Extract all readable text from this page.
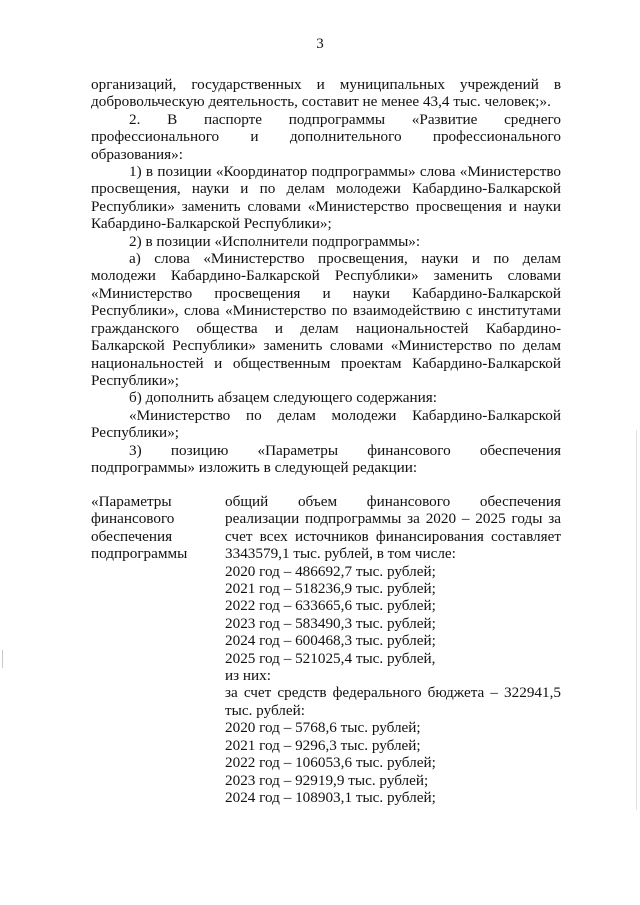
3

организаций, государственных и муниципальных учреждений в добровольческую деятельность, составит не менее 43,4 тыс. человек;».

2. В паспорте подпрограммы «Развитие среднего профессионального и дополнительного профессионального образования»:

1) в позиции «Координатор подпрограммы» слова «Министерство просвещения, науки и по делам молодежи Кабардино-Балкарской Республики» заменить словами «Министерство просвещения и науки Кабардино-Балкарской Республики»;

2) в позиции «Исполнители подпрограммы»:

а) слова «Министерство просвещения, науки и по делам молодежи Кабардино-Балкарской Республики» заменить словами «Министерство просвещения и науки Кабардино-Балкарской Республики», слова «Министерство по взаимодействию с институтами гражданского общества и делам национальностей Кабардино-Балкарской Республики» заменить словами «Министерство по делам национальностей и общественным проектам Кабардино-Балкарской Республики»;

б) дополнить абзацем следующего содержания:

«Министерство по делам молодежи Кабардино-Балкарской Республики»;

3) позицию «Параметры финансового обеспечения подпрограммы» изложить в следующей редакции:

«Параметры
финансового
обеспечения
подпрограммы
общий объем финансового обеспечения реализации подпрограммы за 2020 – 2025 годы за счет всех источников финансирования составляет 3343579,1 тыс. рублей, в том числе:
2020 год – 486692,7 тыс. рублей;
2021 год – 518236,9 тыс. рублей;
2022 год – 633665,6 тыс. рублей;
2023 год – 583490,3 тыс. рублей;
2024 год – 600468,3 тыс. рублей;
2025 год – 521025,4 тыс. рублей,
из них:
за счет средств федерального бюджета – 322941,5 тыс. рублей:
2020 год – 5768,6 тыс. рублей;
2021 год – 9296,3 тыс. рублей;
2022 год – 106053,6 тыс. рублей;
2023 год – 92919,9 тыс. рублей;
2024 год – 108903,1 тыс. рублей;
